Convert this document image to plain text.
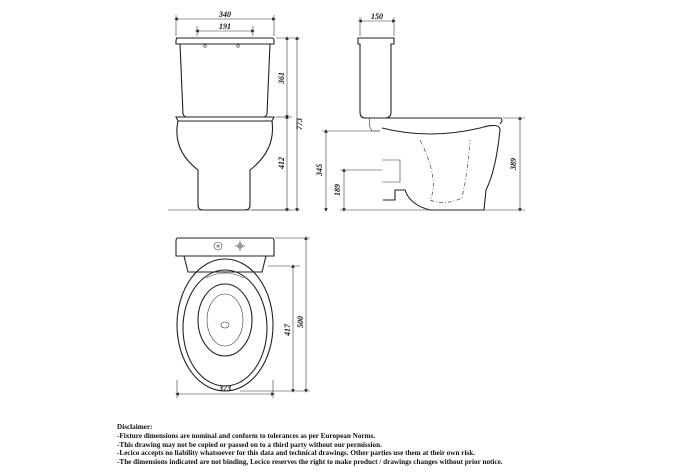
340
191
361
412
773
150
345
189
389
373
417
500
Disclaimer:
-Fixture dimensions are nominal and conform to tolerances as per European Norms.
-This drawing may not be copied or passed on to a third party without our permission.
-Lecico accepts no liability whatsoever for this data and technical drawings. Other parties use them at their own risk.
-The dimensions indicated are not binding, Lecico reserves the right to make product / drawings changes without prior notice.
